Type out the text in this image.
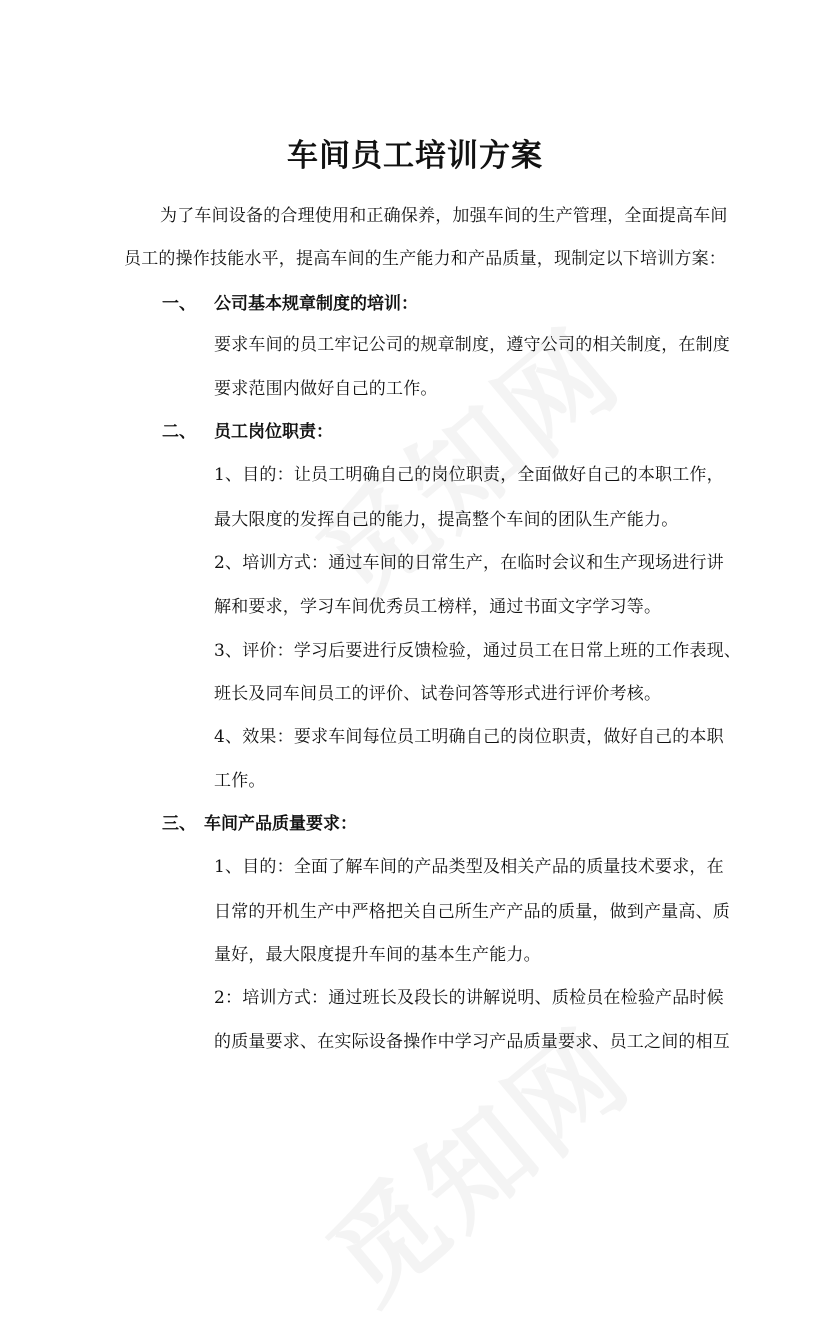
车间员工培训方案
为了车间设备的合理使用和正确保养，加强车间的生产管理，全面提高车间
员工的操作技能水平，提高车间的生产能力和产品质量，现制定以下培训方案：
一、 公司基本规章制度的培训：
要求车间的员工牢记公司的规章制度，遵守公司的相关制度，在制度
要求范围内做好自己的工作。
二、 员工岗位职责：
1、目的：让员工明确自己的岗位职责，全面做好自己的本职工作，
最大限度的发挥自己的能力，提高整个车间的团队生产能力。
2、培训方式：通过车间的日常生产，在临时会议和生产现场进行讲
解和要求，学习车间优秀员工榜样，通过书面文字学习等。
3、评价：学习后要进行反馈检验，通过员工在日常上班的工作表现、
班长及同车间员工的评价、试卷问答等形式进行评价考核。
4、效果：要求车间每位员工明确自己的岗位职责，做好自己的本职
工作。
三、 车间产品质量要求：
1、目的：全面了解车间的产品类型及相关产品的质量技术要求，在
日常的开机生产中严格把关自己所生产产品的质量，做到产量高、质
量好，最大限度提升车间的基本生产能力。
2：培训方式：通过班长及段长的讲解说明、质检员在检验产品时候
的质量要求、在实际设备操作中学习产品质量要求、员工之间的相互
